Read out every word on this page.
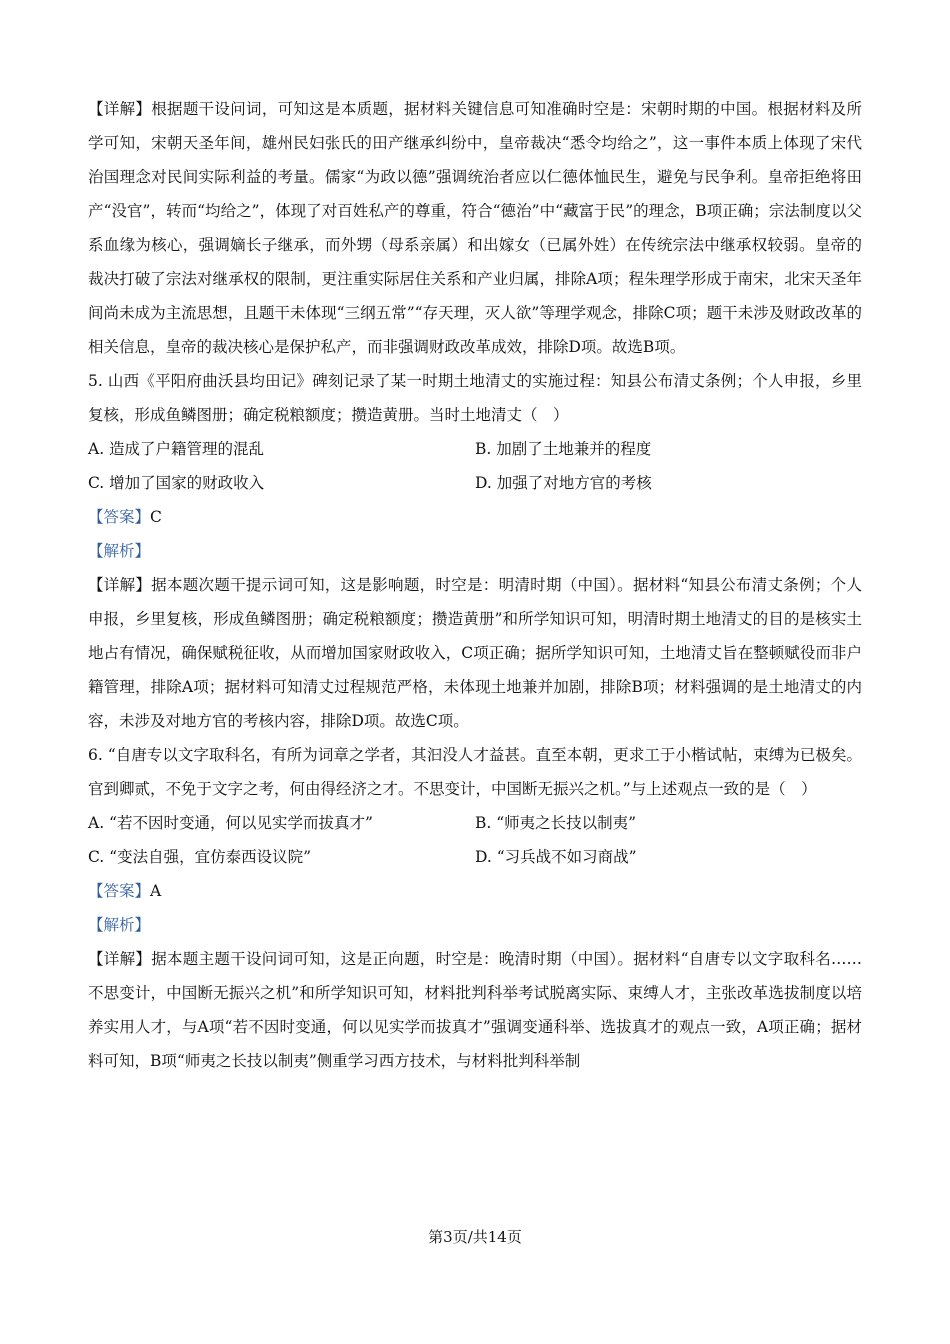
【详解】根据题干设问词，可知这是本质题，据材料关键信息可知准确时空是：宋朝时期的中国。根据材料及所学可知，宋朝天圣年间，雄州民妇张氏的田产继承纠纷中，皇帝裁决“悉令均给之”，这一事件本质上体现了宋代治国理念对民间实际利益的考量。儒家“为政以德”强调统治者应以仁德体恤民生，避免与民争利。皇帝拒绝将田产“没官”，转而“均给之”，体现了对百姓私产的尊重，符合“德治”中“藏富于民”的理念，B项正确；宗法制度以父系血缘为核心，强调嫡长子继承，而外甥（母系亲属）和出嫁女（已属外姓）在传统宗法中继承权较弱。皇帝的裁决打破了宗法对继承权的限制，更注重实际居住关系和产业归属，排除A项；程朱理学形成于南宋，北宋天圣年间尚未成为主流思想，且题干未体现“三纲五常”“存天理，灭人欲”等理学观念，排除C项；题干未涉及财政改革的相关信息，皇帝的裁决核心是保护私产，而非强调财政改革成效，排除D项。故选B项。

5. 山西《平阳府曲沃县均田记》碑刻记录了某一时期土地清丈的实施过程：知县公布清丈条例；个人申报，乡里复核，形成鱼鳞图册；确定税粮额度；攒造黄册。当时土地清丈（　）

A. 造成了户籍管理的混乱	B. 加剧了土地兼并的程度
C. 增加了国家的财政收入	D. 加强了对地方官的考核

【答案】C

【解析】

【详解】据本题次题干提示词可知，这是影响题，时空是：明清时期（中国）。据材料“知县公布清丈条例；个人申报，乡里复核，形成鱼鳞图册；确定税粮额度；攒造黄册”和所学知识可知，明清时期土地清丈的目的是核实土地占有情况，确保赋税征收，从而增加国家财政收入，C项正确；据所学知识可知，土地清丈旨在整顿赋役而非户籍管理，排除A项；据材料可知清丈过程规范严格，未体现土地兼并加剧，排除B项；材料强调的是土地清丈的内容，未涉及对地方官的考核内容，排除D项。故选C项。

6. “自唐专以文字取科名，有所为词章之学者，其汩没人才益甚。直至本朝，更求工于小楷试帖，束缚为已极矣。官到卿贰，不免于文字之考，何由得经济之才。不思变计，中国断无振兴之机。”与上述观点一致的是（　）

A. “若不因时变通，何以见实学而拔真才”	B. “师夷之长技以制夷”
C. “变法自强，宜仿泰西设议院”	D. “习兵战不如习商战”

【答案】A

【解析】

【详解】据本题主题干设问词可知，这是正向题，时空是：晚清时期（中国）。据材料“自唐专以文字取科名……不思变计，中国断无振兴之机”和所学知识可知，材料批判科举考试脱离实际、束缚人才，主张改革选拔制度以培养实用人才，与A项“若不因时变通，何以见实学而拔真才”强调变通科举、选拔真才的观点一致，A项正确；据材料可知，B项“师夷之长技以制夷”侧重学习西方技术，与材料批判科举制

第3页/共14页
